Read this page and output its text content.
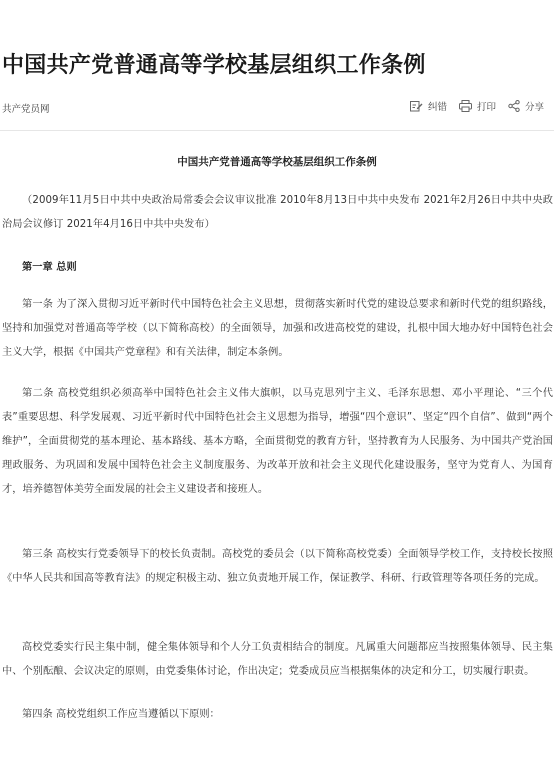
中国共产党普通高等学校基层组织工作条例
共产党员网	纠错	打印	分享
中国共产党普通高等学校基层组织工作条例

（2009年11月5日中共中央政治局常委会会议审议批准 2010年8月13日中共中央发布 2021年2月26日中共中央政治局会议修订 2021年4月16日中共中央发布）

第一章 总则

第一条 为了深入贯彻习近平新时代中国特色社会主义思想，贯彻落实新时代党的建设总要求和新时代党的组织路线，坚持和加强党对普通高等学校（以下简称高校）的全面领导，加强和改进高校党的建设，扎根中国大地办好中国特色社会主义大学，根据《中国共产党章程》和有关法律，制定本条例。

第二条 高校党组织必须高举中国特色社会主义伟大旗帜，以马克思列宁主义、毛泽东思想、邓小平理论、“三个代表”重要思想、科学发展观、习近平新时代中国特色社会主义思想为指导，增强“四个意识”、坚定“四个自信”、做到“两个维护”，全面贯彻党的基本理论、基本路线、基本方略，全面贯彻党的教育方针，坚持教育为人民服务、为中国共产党治国理政服务、为巩固和发展中国特色社会主义制度服务、为改革开放和社会主义现代化建设服务，坚守为党育人、为国育才，培养德智体美劳全面发展的社会主义建设者和接班人。

第三条 高校实行党委领导下的校长负责制。高校党的委员会（以下简称高校党委）全面领导学校工作，支持校长按照《中华人民共和国高等教育法》的规定积极主动、独立负责地开展工作，保证教学、科研、行政管理等各项任务的完成。

高校党委实行民主集中制，健全集体领导和个人分工负责相结合的制度。凡属重大问题都应当按照集体领导、民主集中、个别酝酿、会议决定的原则，由党委集体讨论，作出决定；党委成员应当根据集体的决定和分工，切实履行职责。

第四条 高校党组织工作应当遵循以下原则：
